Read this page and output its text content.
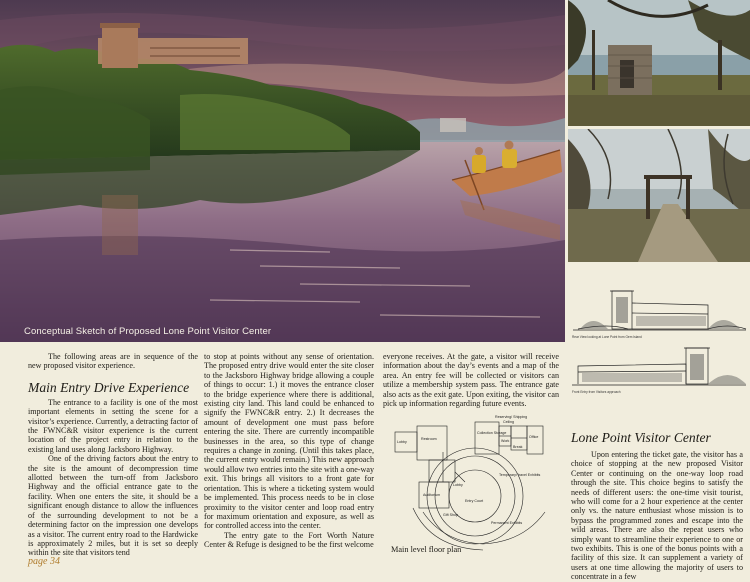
Conceptual Sketch of Proposed Lone Point Visitor Center	Rear View looking at Lone Point from Gem Island
Front Entry from Visitors approach

The following areas are in sequence of the new proposed visitor experience.

Main Entry Drive Experience

The entrance to a facility is one of the most important elements in setting the scene for a visitor’s experience. Currently, a detracting factor of the FWNC&R visitor experience is the current location of the project entry in relation to the existing land uses along Jacksboro Highway.

One of the driving factors about the entry to the site is the amount of decompression time allotted between the turn-off from Jacksboro Highway and the official entrance gate to the facility. When one enters the site, it should be a significant enough distance to allow the influences of the surrounding development to not be a determining factor on the impression one develops as a visitor. The current entry road to the Hardwicke is approximately 2 miles, but it is set so deeply within the site that visitors tend

to stop at points without any sense of orientation. The proposed entry drive would enter the site closer to the Jacksboro Highway bridge allowing a couple of things to occur: 1.) it moves the entrance closer to the bridge experience where there is additional, existing city land. This land could be enhanced to signify the FWNC&R entry. 2.) It decreases the amount of development one must pass before entering the site. There are currently incompatible businesses in the area, so this type of change requires a change in zoning. (Until this takes place, the current entry would remain.) This new approach would allow two entries into the site with a one-way exit. This brings all visitors to a front gate for orientation. This is where a ticketing system would be implemented. This process needs to be in close proximity to the visitor center and loop road entry for maximum orientation and exposure, as well as for controlled access into the center.

The entry gate to the Fort Worth Nature Center & Refuge is designed to be the first welcome

everyone receives. At the gate, a visitor will receive information about the day’s events and a map of the area. An entry fee will be collected or visitors can utilize a membership system pass. The entrance gate also acts as the exit gate. Upon exiting, the visitor can pick up information regarding future events.

Lobby
Reserving/ Shipping
Ceiling
Collection Storage
Restroom
Auditorium
Lobby
Gift Shop
Entry Court
Temporary/ travel Exhibits
Permanent Exhibits
Office
Work
Break
Main level floor plan
Lone Point Visitor Center

Upon entering the ticket gate, the visitor has a choice of stopping at the new proposed Visitor Center or continuing on the one-way loop road through the site. This choice begins to satisfy the needs of different users: the one-time visit tourist, who will come for a 2 hour experience at the center only vs. the nature enthusiast whose mission is to bypass the programmed zones and escape into the wild areas. There are also the repeat users who simply want to streamline their experience to one or two exhibits. This is one of the bonus points with a facility of this size. It can supplement a variety of users at one time allowing the majority of users to concentrate in a few

page 34
